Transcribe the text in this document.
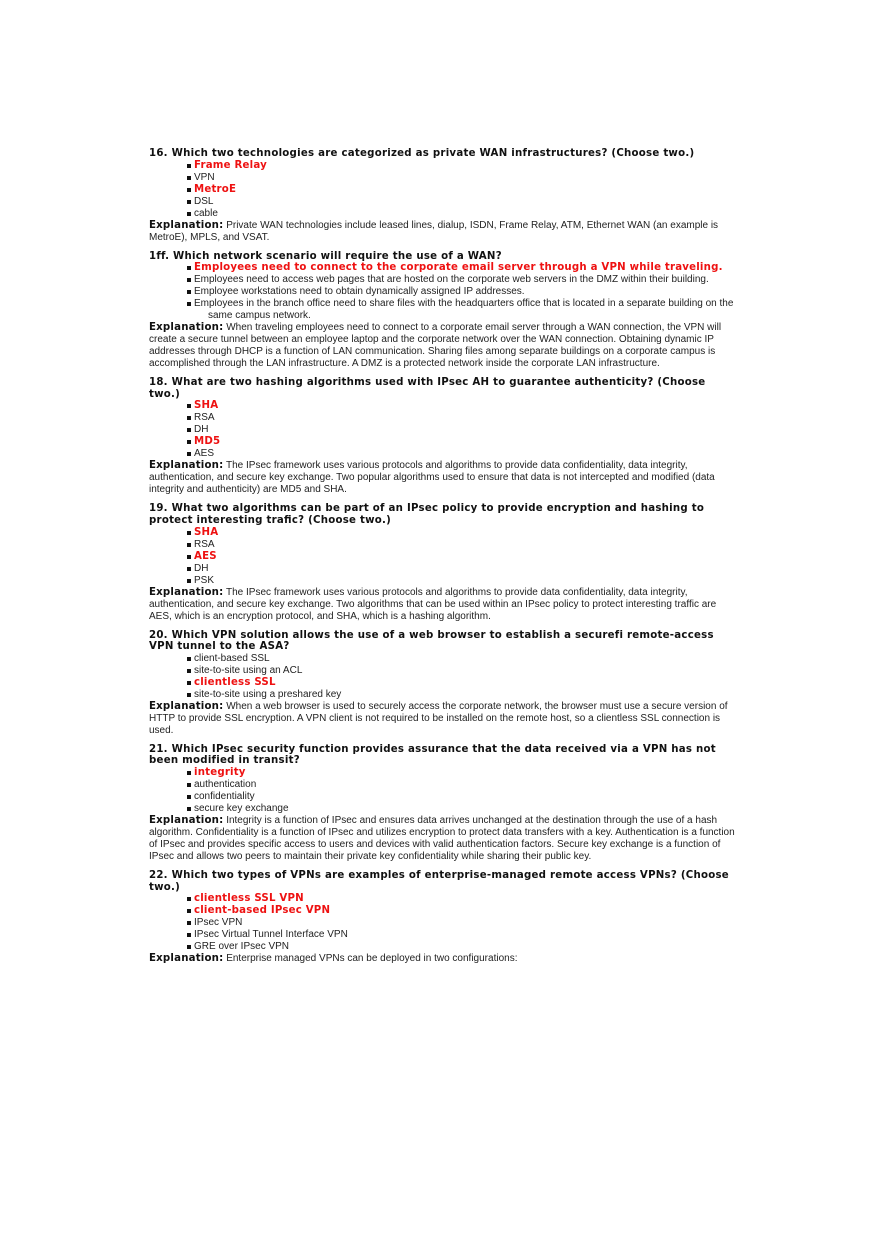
16. Which two technologies are categorized as private WAN infrastructures? (Choose two.)

Frame Relay
VPN
MetroE
DSL
cable

Explanation: Private WAN technologies include leased lines, dialup, ISDN, Frame Relay, ATM, Ethernet WAN (an example is MetroE), MPLS, and VSAT.

1ff. Which network scenario will require the use of a WAN?

Employees need to connect to the corporate email server through a VPN while traveling.
Employees need to access web pages that are hosted on the corporate web servers in the DMZ within their building.
Employee workstations need to obtain dynamically assigned IP addresses.
Employees in the branch office need to share files with the headquarters office that is located in a separate building on the
same campus network.

Explanation: When traveling employees need to connect to a corporate email server through a WAN connection, the VPN will create a secure tunnel between an employee laptop and the corporate network over the WAN connection. Obtaining dynamic IP addresses through DHCP is a function of LAN communication. Sharing files among separate buildings on a corporate campus is accomplished through the LAN infrastructure. A DMZ is a protected network inside the corporate LAN infrastructure.

18. What are two hashing algorithms used with IPsec AH to guarantee authenticity? (Choose two.)

SHA
RSA
DH
MD5
AES

Explanation: The IPsec framework uses various protocols and algorithms to provide data confidentiality, data integrity, authentication, and secure key exchange. Two popular algorithms used to ensure that data is not intercepted and modified (data integrity and authenticity) are MD5 and SHA.

19. What two algorithms can be part of an IPsec policy to provide encryption and hashing to protect interesting traﬁc? (Choose two.)

SHA
RSA
AES
DH
PSK

Explanation: The IPsec framework uses various protocols and algorithms to provide data confidentiality, data integrity, authentication, and secure key exchange. Two algorithms that can be used within an IPsec policy to protect interesting traffic are AES, which is an encryption protocol, and SHA, which is a hashing algorithm.

20. Which VPN solution allows the use of a web browser to establish a securefi remote-access VPN tunnel to the ASA?

client-based SSL
site-to-site using an ACL
clientless SSL
site-to-site using a preshared key

Explanation: When a web browser is used to securely access the corporate network, the browser must use a secure version of HTTP to provide SSL encryption. A VPN client is not required to be installed on the remote host, so a clientless SSL connection is used.

21. Which IPsec security function provides assurance that the data received via a VPN has not been modified in transit?

integrity
authentication
confidentiality
secure key exchange

Explanation: Integrity is a function of IPsec and ensures data arrives unchanged at the destination through the use of a hash algorithm. Confidentiality is a function of IPsec and utilizes encryption to protect data transfers with a key. Authentication is a function of IPsec and provides specific access to users and devices with valid authentication factors. Secure key exchange is a function of IPsec and allows two peers to maintain their private key confidentiality while sharing their public key.

22. Which two types of VPNs are examples of enterprise-managed remote access VPNs? (Choose two.)

clientless SSL VPN
client-based IPsec VPN
IPsec VPN
IPsec Virtual Tunnel Interface VPN
GRE over IPsec VPN

Explanation: Enterprise managed VPNs can be deployed in two configurations:
